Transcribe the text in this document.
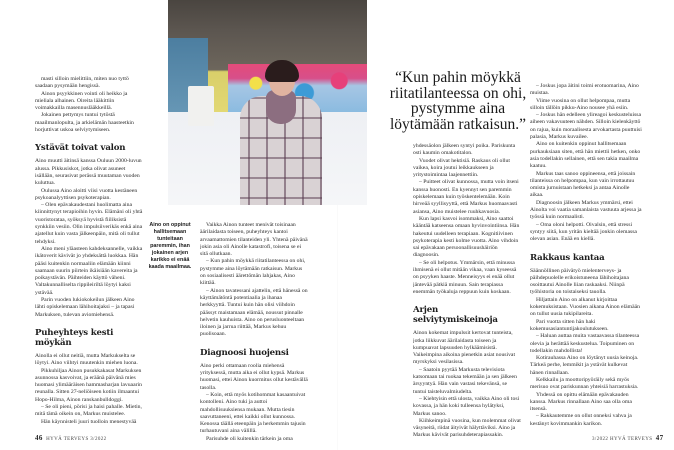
Aino on oppinut hallitsemaan tunteitaan paremmin, ihan jokainen arjen karikko ei enää kaada maailmaa.
“Kun pahin möykkä riitatilanteessa on ohi, pystymme aina löytämään ratkaisun.”

masti silloin mielittiin, miten nuo tyttö saadaan pysymään hengissä.

Ainon psyykkinen vointi oli heikko ja mieliala alhainen. Oireita lääkittiin voimakkailla masennuslääkkeillä.

Jokainen pettymys tuntui tytöstä maailmanlopulta, ja arkielämän haasteetkin horjuttivat uskoa selviytymiseen.

Ystävät toivat valon

Aino muutti äitinsä kanssa Ouluun 2000-luvun alussa. Pikkusiskot, jotka olivat asuneet isällään, seurasivat perässä muutaman vuoden kuluttua.

Oulussa Aino aloitti viisi vuotta kestäneen psykoanalyyttisen psykoterapian.

– Olen epävakaudestani huolimatta aina kiinnittynyt terapioihin hyvin. Elämäni oli yhtä vuoristorataa, syöksyä hyvistä fiiliksistä synkkiin vesiin. Olin impulsiiverikäs enkä aina ajatellut kuin vasta jälkeenpäin, mitä oli tullut tehdyksi.

Aino meni yläasteen kahdeksannelle, vaikka ikätoverit kävivät jo yhdeksättä luokkaa. Hän pääsi kuitenkin normaaliin elämään kiinni saamaan suurin piirtein ikäisiään kavereita ja poikaystävän. Päihteiden käyttö väheni. Valtakunnalliselta rippileiriltä löytyi kaksi ystävää.

Parin vuoden lukiokokeilun jälkeen Aino lähti opiskelemaan lähihoitajaksi – ja tapasi Markuksen, tulevan aviomiehensä.

Puheyhteys kesti möykän

Ainolla ei ollut neitiä, mutta Markukselta se löytyi. Aino viihtyi muutenkin miehen luona.

Pikkuhiljaa Ainon pusukkakasat Markuksen asunnossa kasvoivat, ja eräänä päivänä mies huomasi ylimääräisen hammasharjan lavuaarin reunalla. Sitten 27-neliöiseen kotiin ilmaantui Hopo-Hilma, Ainon ranskanbulldoggi.

– Se oli pieni, pörisi ja haisi pahalle. Mietin, mitä tämä oikein on, Markus muistelee.

Hän käynnisteli juuri tuolloin menestyvää

Vaikka Ainon tunteet menivät toisinaan äärilaidasta toiseen, puheyhteys kantoi arvaamattomien tilanteiden yli. Yhtenä päivänä jokin asia oli Ainolle katastrofi, toisena se ei sitä ollutkaan.

– Kun pahin möykkä riitatilanteessa on ohi, pystymme aina löytämään ratkaisun. Markus on sosiaalisesti äärettömän lahjakas, Aino kiittää.

– Ainon tavatessani ajattelin, että hänessä on käyttämätöntä potentiaalia ja ihanaa herkkyyttä. Tuntui kuin hän olisi viihdoin päässyt maistamaan elämää, noussut pinnalle helvetin kauhuista. Aino on perusluonteeltaan iloinen ja jarrua riittää, Markus kehuu puolisoaan.

Diagnoosi huojensi

Aino perki ottamaan roolia miehensä yrityksessä, mutta aika ei ollut kypsä. Markus huomasi, ettei Ainon kuormitus ollut kestävällä tasolla.

– Koin, että myös kotihommat kasaantuivat kontolleni. Aino tuki ja auttoi mahdollisuuksiensa mukaan. Mutta tiesin saavuttaneeni, ettei kaikki ollut kunnossa. Kenossa täällä eteenpäin ja herkemmin tajusin turhautuvani aina välillä.

Parisuhde oli kuitenkin tärkein ja oma

yhdessäolon jälkeen syntyi poika. Pariskunta osti kaumin omakotitalon.

Vuodet olivat hektisiä. Raskaus oli ollut vaikea, koira joutui leikkaukseen ja yritystoimintaa laajennettiin.

– Puitteet olivat kunnossa, mutta voin itseni kanssa huonosti. En kyennyt sen paremmin opiskelemaan kuin työskentelemään. Koin hirveää syyllisyyttä, että Markus huomaavasti asiansa, Aino muistelee ruuhkavuosia.

Kun lapsi kasvoi isommaksi, Aino saattoi kääntää katseensa omaan hyvinvointiinsa. Hän hakeutui uudelleen terapiaan. Kognitiivinen psykoterapia kesti kolme vuotta. Aino vihdoin sai epävakaan persoonallisuushäiriön diagnoosin.

– Se oli helpotus. Ymmärsin, että minussa ihmisenä ei ollut mitään vikaa, vaan kyseessä on psyyken haaste. Menneisyys ei enää ollut jäntevää pätkiä minuun. Sain terapiassa enemmän työkaluja reppuun kuin koskaan.

Arjen selviytymiskeinoja

Ainon kokemat impulssit kertovat tunteista, jotka liikkuvat äärilaidasta toiseen ja kumpuavat lapsuuden hylkäämisistä. Vaikeimpina aikoina pienetkin asiat nousivat myrskyksi vesilasissa.

– Saatoin pyytää Markusta televisiota katsomaan tai ruokaa tekemään ja sen jälkeen ärsyyntyä. Hän vain vastasi tekevänsä, se tuntui taisteluvalmiudelta.

– Kiehtyisin että ulosta, vaikka Aino oli tosi kovassa, ja hän koki tulleensa hylätyksi, Markus sanoo.

Kiihkeimpinä vuosina, kun molemmat olivat väsyneitä, riidat äityivät hälyttäviksi. Aino ja Markus kävivät parisuhdeterapiassakin.

– Joskus jopa äitini toimi erotuomarina, Aino muistaa.

Viime vuosina on ollut helpompaa, mutta silloin tällöin pikku-Aino nousee yhä esiin.

– Joskus hän edelleen ylireagoi keskusteluissa aiheen vakavuuteen nähden. Silloin kielenkäyttö on rajua, kuin moraalisesta arvokartasta puuttuisi palasia, Markus kuvailee.

Aino on kuitenkin oppinut hallitsemaan purkauksiaan siten, että hän miettii hetken, onko asia todellakin sellainen, että sen takia maailma kaatuu.

Markus taas sanoo oppineensa, että joissain tilanteissa on helpompaa, kun vain irrottautuu omista jurnuistaan hetkeksi ja antaa Ainolle aikaa.

Diagnoosin jälkeen Markus ymmärsi, ettei Ainolta voi vaatia samanlaista vastuuta arjessa ja työssä kuin normaalisti.

– Oma oloni helpotti. Oivalsin, että stressi syntyy siitä, kun yritän kieltää jonkin olemassa olevan asian. Enää en kiellä.

Rakkaus kantaa

Säännöllinen päivätyö mielenterveys- ja päihdepuolelle erikoistuneena lähihoitajana osoittautui Ainolle liian raskaaksi. Niinpä työhistoria on toistaiseksi tauolla.

Hiljattain Aino on alkanut kirjoittaa kokemuksistaan. Vuosien aikana Ainon elämään on tullut uusia tukipilareita.

Pari vuotta sitten hän haki kokemusasiantuntijakoulutukseen.

– Haluan auttaa muita vastaavassa tilanteessa olevia ja herättää keskustelua. Toipuminen on todellakin mahdollista!

Kotirauhassa Aino on löytänyt uusia keinoja. Tärkeä perhe, lemmikit ja ystävät kulkevat hänen rinnallaan.

Kelkkailu ja moottoripyöräily sekä myös merisuo ovat pariskunnan yhteisiä harrastuksia.

Yhdessä on opittu elämään epävakauden kanssa. Markus rinnallaan Aino saa olla oma itsensä.

– Rakkautemme on ollut onneksi vahva ja kestänyt kovimmankin karikon.

46 HYVÄ TERVEYS 3/2022	3/2022 HYVÄ TERVEYS 47
